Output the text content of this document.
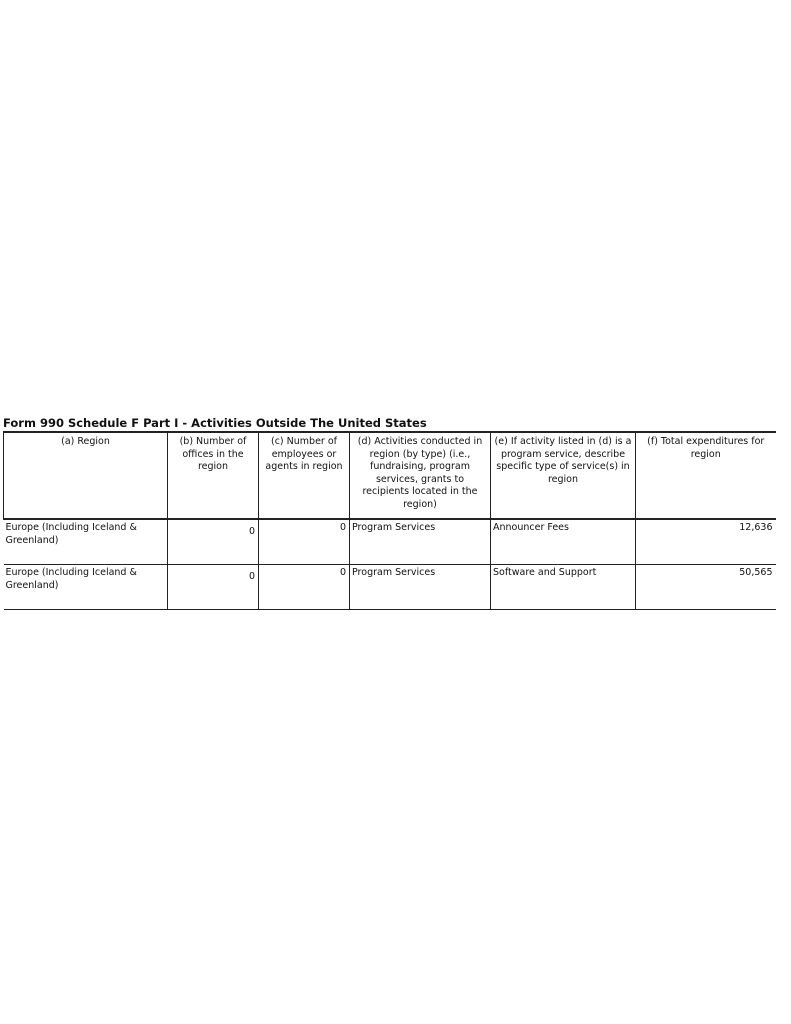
Form 990 Schedule F Part I - Activities Outside The United States
(a) Region	(b) Number of offices in the region	(c) Number of employees or agents in region	(d) Activities conducted in region (by type) (i.e., fundraising, program services, grants to recipients located in the region)	(e) If activity listed in (d) is a program service, describe specific type of service(s) in region	(f) Total expenditures for region
Europe (Including Iceland & Greenland)	0	0	Program Services	Announcer Fees	12,636
Europe (Including Iceland & Greenland)	0	0	Program Services	Software and Support	50,565
